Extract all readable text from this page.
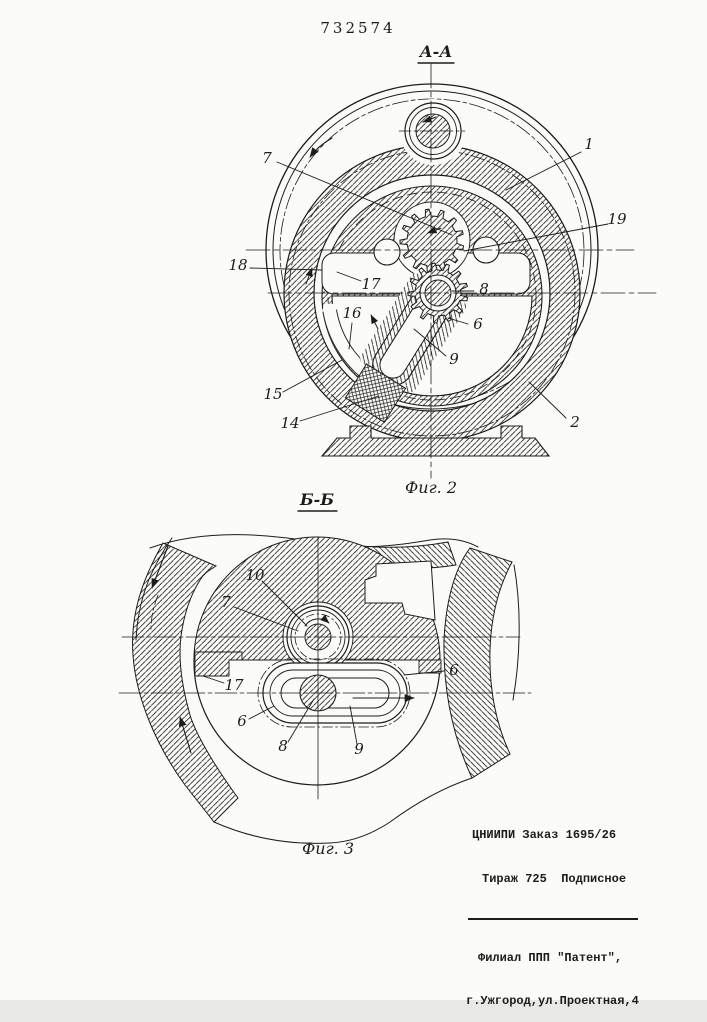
732574
7
1
19
18
17	8
6
16
9
15
14	2
А-А
Фиг. 2
10
7
17
6
6
8	9
Б-Б
Фиг. 3

ЦНИИПИ Заказ 1695/26

Тираж 725  Подписное

Филиал ППП "Патент",

г.Ужгород,ул.Проектная,4
